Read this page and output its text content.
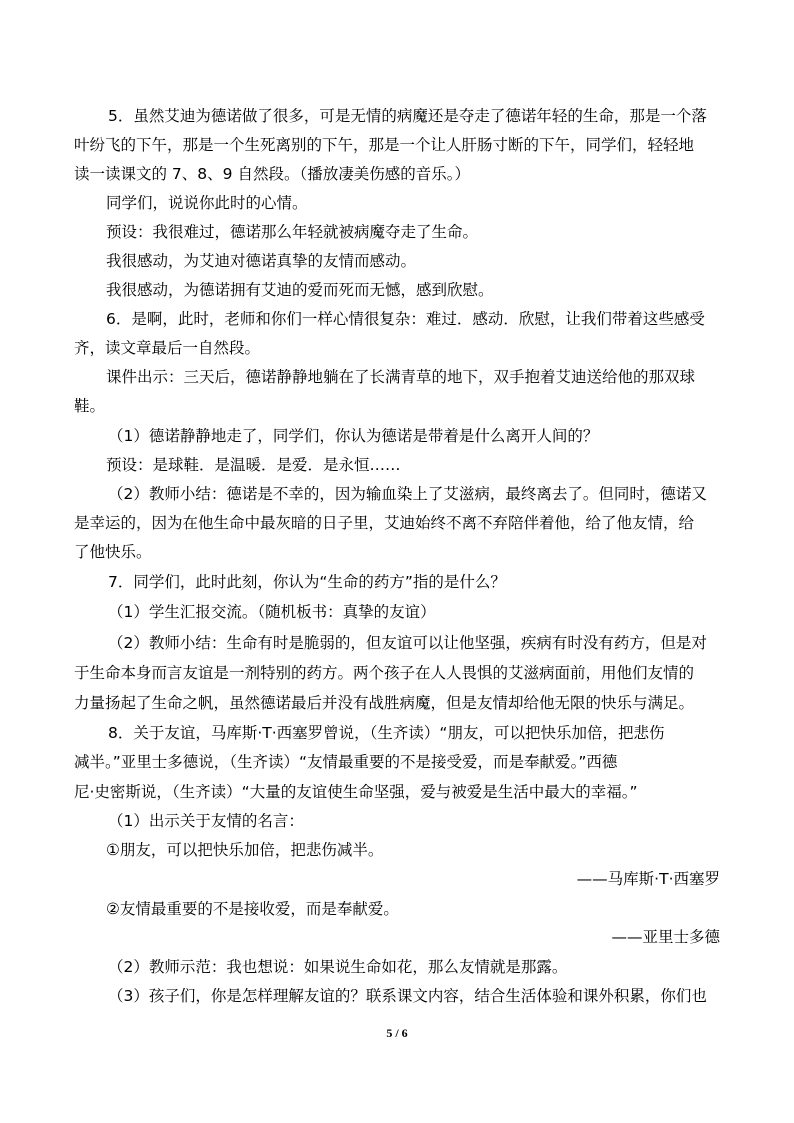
5．虽然艾迪为德诺做了很多，可是无情的病魔还是夺走了德诺年轻的生命，那是一个落
叶纷飞的下午，那是一个生死离别的下午，那是一个让人肝肠寸断的下午，同学们，轻轻地
读一读课文的 7、8、9 自然段。（播放凄美伤感的音乐。）
同学们，说说你此时的心情。
预设：我很难过，德诺那么年轻就被病魔夺走了生命。
我很感动，为艾迪对德诺真挚的友情而感动。
我很感动，为德诺拥有艾迪的爱而死而无憾，感到欣慰。
6．是啊，此时，老师和你们一样心情很复杂：难过．感动．欣慰，让我们带着这些感受
齐，读文章最后一自然段。
课件出示：三天后，德诺静静地躺在了长满青草的地下，双手抱着艾迪送给他的那双球
鞋。
（1）德诺静静地走了，同学们，你认为德诺是带着是什么离开人间的？
预设：是球鞋．是温暖．是爱．是永恒……
（2）教师小结：德诺是不幸的，因为输血染上了艾滋病，最终离去了。但同时，德诺又
是幸运的，因为在他生命中最灰暗的日子里，艾迪始终不离不弃陪伴着他，给了他友情，给
了他快乐。
7．同学们，此时此刻，你认为“生命的药方”指的是什么？
（1）学生汇报交流。（随机板书：真挚的友谊）
（2）教师小结：生命有时是脆弱的，但友谊可以让他坚强，疾病有时没有药方，但是对
于生命本身而言友谊是一剂特别的药方。两个孩子在人人畏惧的艾滋病面前，用他们友情的
力量扬起了生命之帆，虽然德诺最后并没有战胜病魔，但是友情却给他无限的快乐与满足。
8．关于友谊，马库斯·T·西塞罗曾说，（生齐读）“朋友，可以把快乐加倍，把悲伤
减半。”亚里士多德说，（生齐读）“友情最重要的不是接受爱，而是奉献爱。”西德
尼·史密斯说，（生齐读）“大量的友谊使生命坚强，爱与被爱是生活中最大的幸福。”
（1）出示关于友情的名言：
①朋友，可以把快乐加倍，把悲伤减半。
——马库斯·T·西塞罗
②友情最重要的不是接收爱，而是奉献爱。
——亚里士多德
（2）教师示范：我也想说：如果说生命如花，那么友情就是那露。
（3）孩子们，你是怎样理解友谊的？联系课文内容，结合生活体验和课外积累，你们也
5 / 6
